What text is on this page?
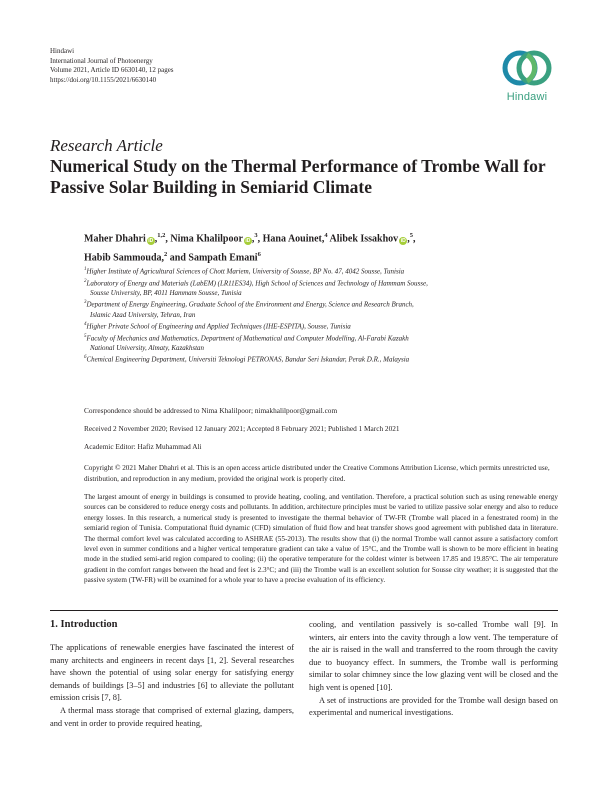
Hindawi
International Journal of Photoenergy
Volume 2021, Article ID 6630140, 12 pages
https://doi.org/10.1155/2021/6630140
Hindawi
Research Article
Numerical Study on the Thermal Performance of Trombe Wall for Passive Solar Building in Semiarid Climate
Maher Dhahri iD ,$^{1,2}$, Nima Khalilpoor iD ,$^3$, Hana Aouinet,$^4$ Alibek Issakhov iD ,$^5$,
Habib Sammouda,$^2$ and Sampath Emani$^6$
$^1$Higher Institute of Agricultural Sciences of Chott Mariem, University of Sousse, BP No. 47, 4042 Sousse, Tunisia
$^2$Laboratory of Energy and Materials (LabEM) (LR11ES34), High School of Sciences and Technology of Hammam Sousse,
Sousse University, BP, 4011 Hammam Sousse, Tunisia
$^3$Department of Energy Engineering, Graduate School of the Environment and Energy, Science and Research Branch,
Islamic Azad University, Tehran, Iran
$^4$Higher Private School of Engineering and Applied Techniques (IHE-ESPITA), Sousse, Tunisia
$^5$Faculty of Mechanics and Mathematics, Department of Mathematical and Computer Modelling, Al-Farabi Kazakh
National University, Almaty, Kazakhstan
$^6$Chemical Engineering Department, Universiti Teknologi PETRONAS, Bandar Seri Iskandar, Perak D.R., Malaysia
Correspondence should be addressed to Nima Khalilpoor; nimakhalilpoor@gmail.com
Received 2 November 2020; Revised 12 January 2021; Accepted 8 February 2021; Published 1 March 2021
Academic Editor: Hafiz Muhammad Ali
Copyright © 2021 Maher Dhahri et al. This is an open access article distributed under the Creative Commons Attribution License, which permits unrestricted use, distribution, and reproduction in any medium, provided the original work is properly cited.
The largest amount of energy in buildings is consumed to provide heating, cooling, and ventilation. Therefore, a practical solution such as using renewable energy sources can be considered to reduce energy costs and pollutants. In addition, architecture principles must be varied to utilize passive solar energy and also to reduce energy losses. In this research, a numerical study is presented to investigate the thermal behavior of TW-FR (Trombe wall placed in a fenestrated room) in the semiarid region of Tunisia. Computational fluid dynamic (CFD) simulation of fluid flow and heat transfer shows good agreement with published data in literature. The thermal comfort level was calculated according to ASHRAE (55-2013). The results show that (i) the normal Trombe wall cannot assure a satisfactory comfort level even in summer conditions and a higher vertical temperature gradient can take a value of 15°C, and the Trombe wall is shown to be more efficient in heating mode in the studied semi-arid region compared to cooling; (ii) the operative temperature for the coldest winter is between 17.85 and 19.85°C. The air temperature gradient in the comfort ranges between the head and feet is 2.3°C; and (iii) the Trombe wall is an excellent solution for Sousse city weather; it is suggested that the passive system (TW-FR) will be examined for a whole year to have a precise evaluation of its efficiency.
1. Introduction

The applications of renewable energies have fascinated the interest of many architects and engineers in recent days [1, 2]. Several researches have shown the potential of using solar energy for satisfying energy demands of buildings [3–5] and industries [6] to alleviate the pollutant emission crisis [7, 8].

A thermal mass storage that comprised of external glazing, dampers, and vent in order to provide required heating,

cooling, and ventilation passively is so-called Trombe wall [9]. In winters, air enters into the cavity through a low vent. The temperature of the air is raised in the wall and transferred to the room through the cavity due to buoyancy effect. In summers, the Trombe wall is performing similar to solar chimney since the low glazing vent will be closed and the high vent is opened [10].

A set of instructions are provided for the Trombe wall design based on experimental and numerical investigations.
